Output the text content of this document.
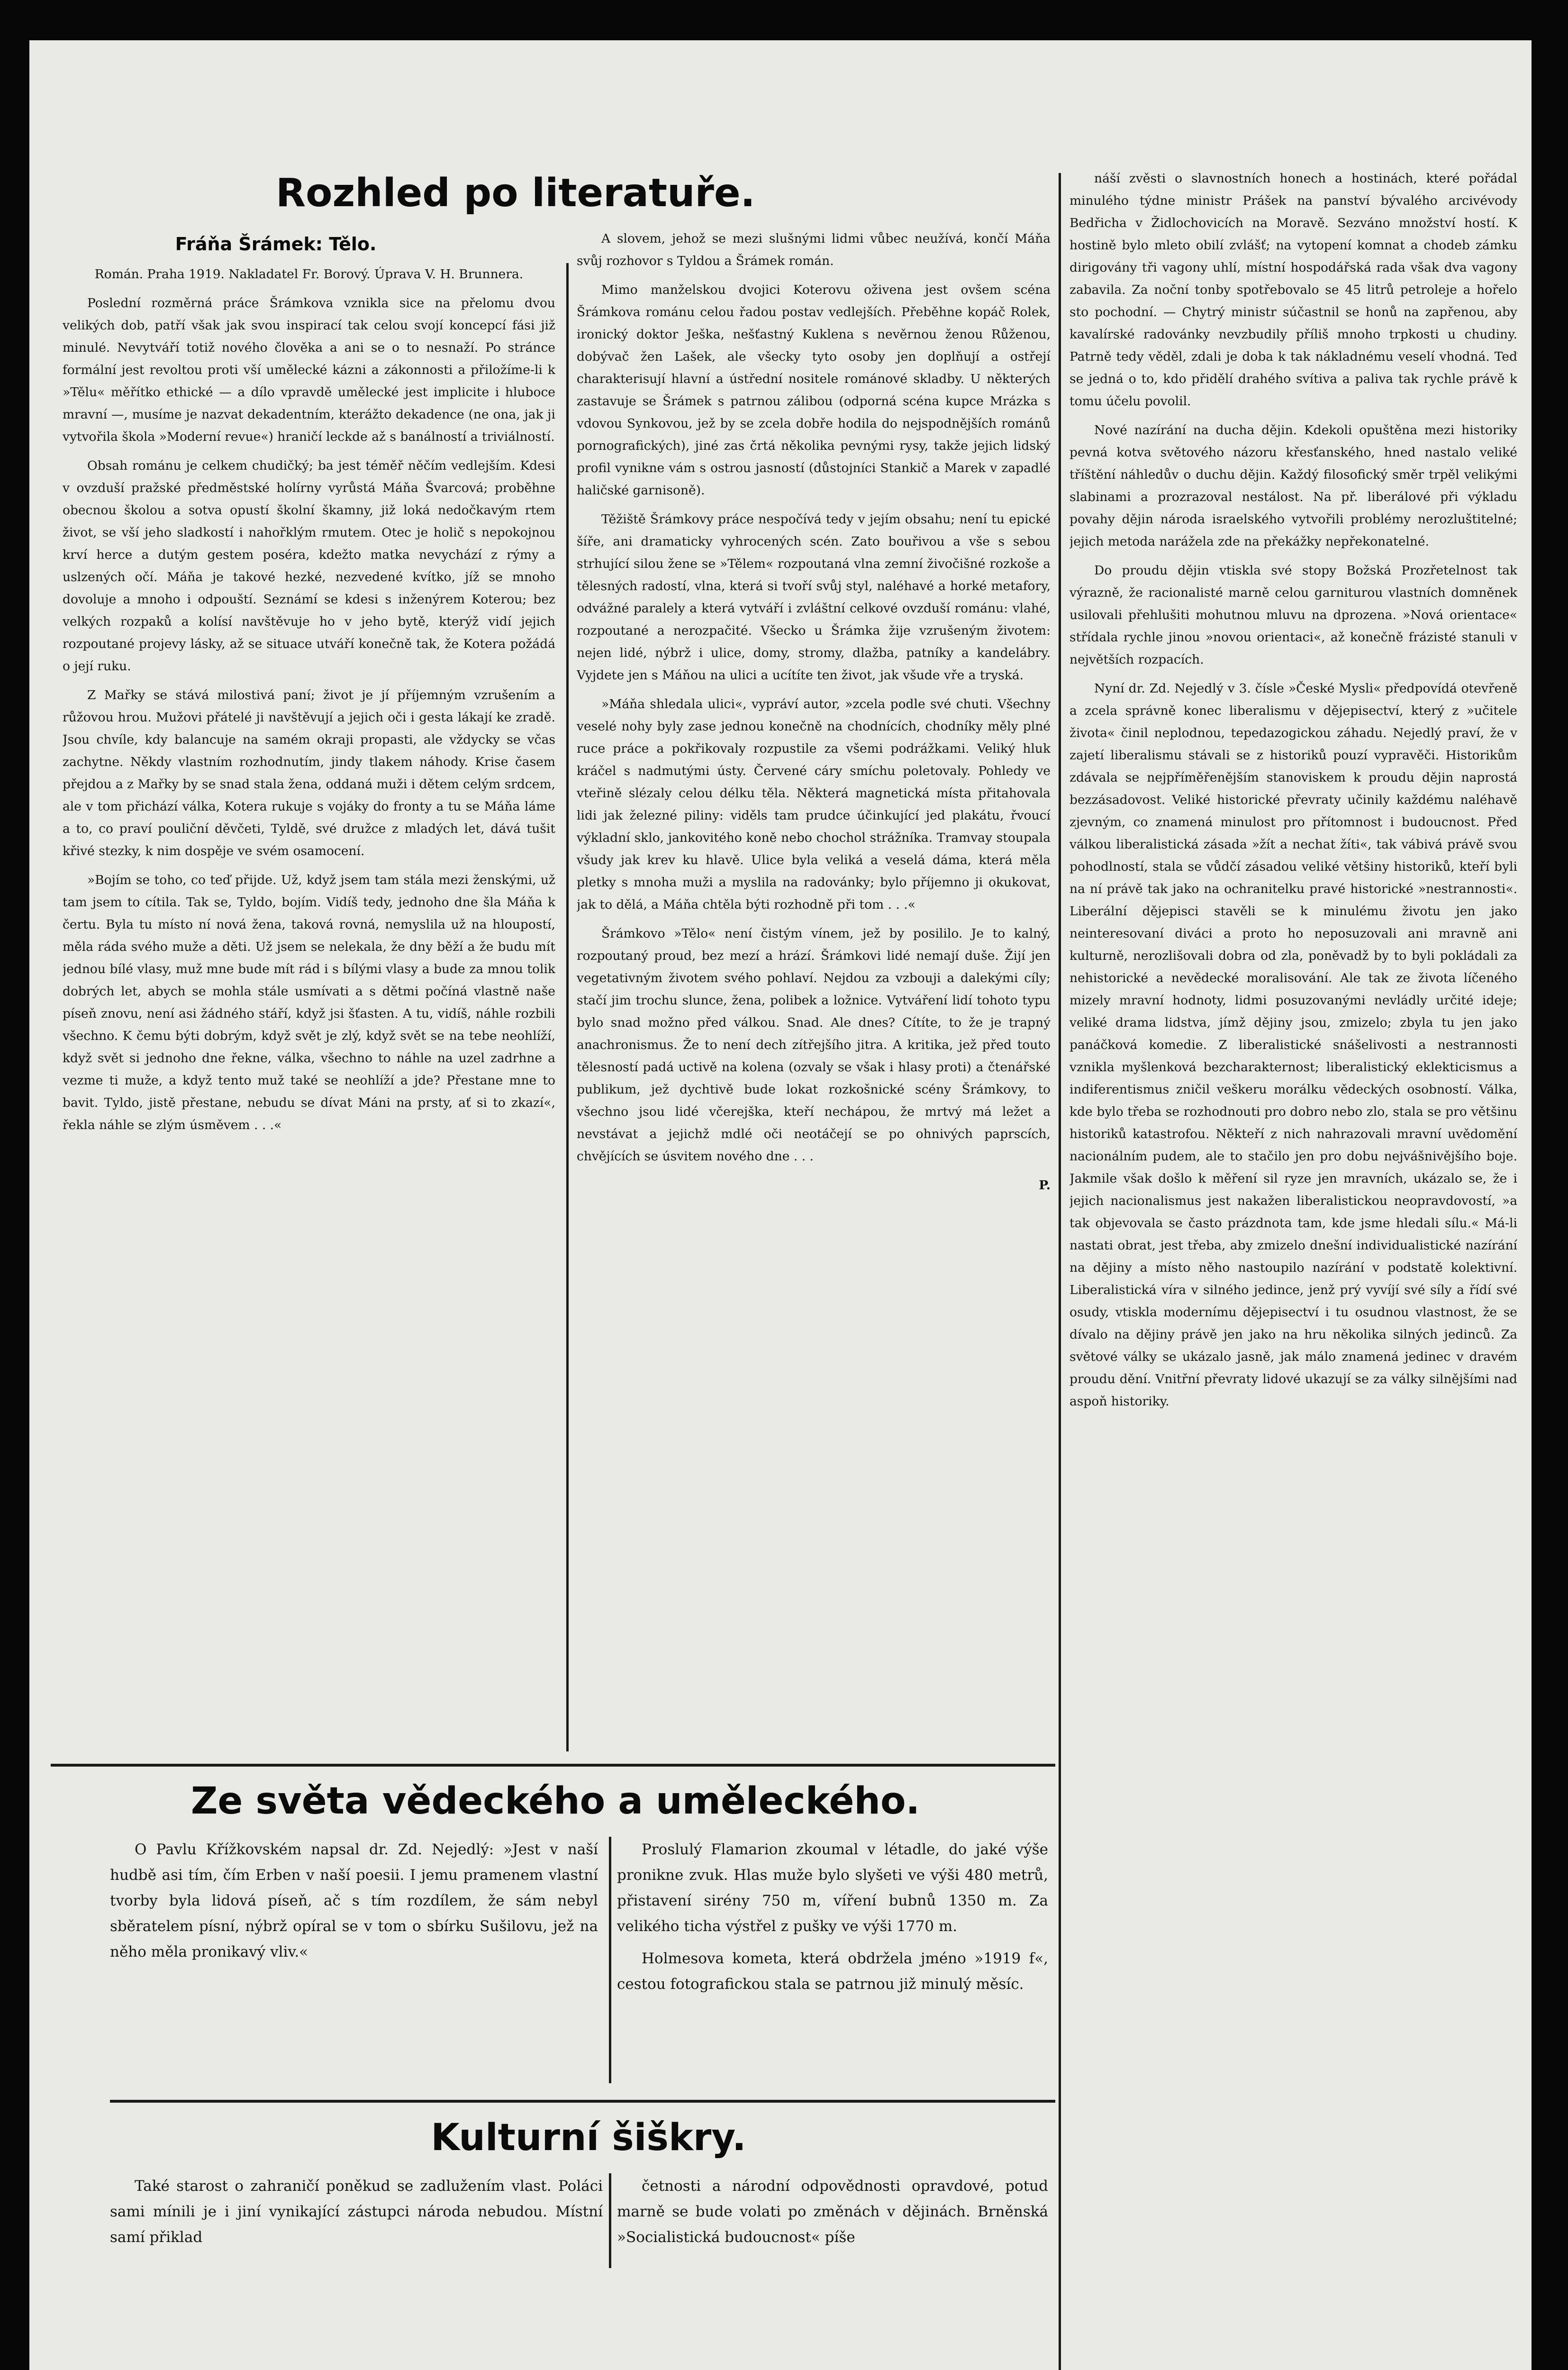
Rozhled po literatuře.
Fráňa Šrámek: Tělo.

Román. Praha 1919. Nakladatel Fr. Borový. Úprava V. H. Brunnera.

Poslední rozměrná práce Šrámkova vznikla sice na přelomu dvou velikých dob, patří však jak svou inspirací tak celou svojí koncepcí fási již minulé. Nevytváří totiž nového člověka a ani se o to nesnaží. Po stránce formální jest revoltou proti vší umělecké kázni a zákonnosti a přiložíme-li k »Tělu« měřítko ethické — a dílo vpravdě umělecké jest implicite i hluboce mravní —, musíme je nazvat dekadentním, kterážto dekadence (ne ona, jak ji vytvořila škola »Moderní revue«) hraničí leckde až s banálností a triviálností.

Obsah románu je celkem chudičký; ba jest téměř něčím vedlejším. Kdesi v ovzduší pražské předměstské holírny vyrůstá Máňa Švarcová; proběhne obecnou školou a sotva opustí školní škamny, již loká nedočkavým rtem život, se vší jeho sladkostí i nahořklým rmutem. Otec je holič s nepokojnou krví herce a dutým gestem poséra, kdežto matka nevychází z rýmy a uslzených očí. Máňa je takové hezké, nezvedené kvítko, jíž se mnoho dovoluje a mnoho i odpouští. Seznámí se kdesi s inženýrem Koterou; bez velkých rozpaků a kolísí navštěvuje ho v jeho bytě, kterýž vidí jejich rozpoutané projevy lásky, až se situace utváří konečně tak, že Kotera požádá o její ruku.

Z Mařky se stává milostivá paní; život je jí příjemným vzrušením a růžovou hrou. Mužovi přátelé ji navštěvují a jejich oči i gesta lákají ke zradě. Jsou chvíle, kdy balancuje na samém okraji propasti, ale vždycky se včas zachytne. Někdy vlastním rozhodnutím, jindy tlakem náhody. Krise časem přejdou a z Mařky by se snad stala žena, oddaná muži i dětem celým srdcem, ale v tom přichází válka, Kotera rukuje s vojáky do fronty a tu se Máňa láme a to, co praví pouliční děvčeti, Tyldě, své družce z mladých let, dává tušit křivé stezky, k nim dospěje ve svém osamocení.

»Bojím se toho, co teď přijde. Už, když jsem tam stála mezi ženskými, už tam jsem to cítila. Tak se, Tyldo, bojím. Vidíš tedy, jednoho dne šla Máňa k čertu. Byla tu místo ní nová žena, taková rovná, nemyslila už na hloupostí, měla ráda svého muže a děti. Už jsem se nelekala, že dny běží a že budu mít jednou bílé vlasy, muž mne bude mít rád i s bílými vlasy a bude za mnou tolik dobrých let, abych se mohla stále usmívati a s dětmi počíná vlastně naše píseň znovu, není asi žádného stáří, když jsi šťasten. A tu, vidíš, náhle rozbili všechno. K čemu býti dobrým, když svět je zlý, když svět se na tebe neohlíží, když svět si jednoho dne řekne, válka, všechno to náhle na uzel zadrhne a vezme ti muže, a když tento muž také se neohlíží a jde? Přestane mne to bavit. Tyldo, jistě přestane, nebudu se dívat Máni na prsty, ať si to zkazí«, řekla náhle se zlým úsměvem . . .«

A slovem, jehož se mezi slušnými lidmi vůbec neužívá, končí Máňa svůj rozhovor s Tyldou a Šrámek román.

Mimo manželskou dvojici Koterovu oživena jest ovšem scéna Šrámkova románu celou řadou postav vedlejších. Přeběhne kopáč Rolek, ironický doktor Ješka, nešťastný Kuklena s nevěrnou ženou Růženou, dobývač žen Lašek, ale všecky tyto osoby jen doplňují a ostřejí charakterisují hlavní a ústřední nositele románové skladby. U některých zastavuje se Šrámek s patrnou zálibou (odporná scéna kupce Mrázka s vdovou Synkovou, jež by se zcela dobře hodila do nejspodnějších románů pornografických), jiné zas črtá několika pevnými rysy, takže jejich lidský profil vynikne vám s ostrou jasností (důstojníci Stankič a Marek v zapadlé haličské garnisoně).

Těžiště Šrámkovy práce nespočívá tedy v jejím obsahu; není tu epické šíře, ani dramaticky vyhrocených scén. Zato bouřivou a vše s sebou strhující silou žene se »Tělem« rozpoutaná vlna zemní živočišné rozkoše a tělesných radostí, vlna, která si tvoří svůj styl, naléhavé a horké metafory, odvážné paralely a která vytváří i zvláštní celkové ovzduší románu: vlahé, rozpoutané a nerozpačité. Všecko u Šrámka žije vzrušeným životem: nejen lidé, nýbrž i ulice, domy, stromy, dlažba, patníky a kandelábry. Vyjdete jen s Máňou na ulici a ucítíte ten život, jak všude vře a tryská.

»Máňa shledala ulici«, vypráví autor, »zcela podle své chuti. Všechny veselé nohy byly zase jednou konečně na chodnících, chodníky měly plné ruce práce a pokřikovaly rozpustile za všemi podrážkami. Veliký hluk kráčel s nadmutými ústy. Červené cáry smíchu poletovaly. Pohledy ve vteřině slézaly celou délku těla. Některá magnetická místa přitahovala lidi jak železné piliny: viděls tam prudce účinkující jed plakátu, řvoucí výkladní sklo, jankovitého koně nebo chochol strážníka. Tramvay stoupala všudy jak krev ku hlavě. Ulice byla veliká a veselá dáma, která měla pletky s mnoha muži a myslila na radovánky; bylo příjemno ji okukovat, jak to dělá, a Máňa chtěla býti rozhodně při tom . . .«

Šrámkovo »Tělo« není čistým vínem, jež by posililo. Je to kalný, rozpoutaný proud, bez mezí a hrází. Šrámkovi lidé nemají duše. Žijí jen vegetativným životem svého pohlaví. Nejdou za vzbouji a dalekými cíly; stačí jim trochu slunce, žena, polibek a ložnice. Vytváření lidí tohoto typu bylo snad možno před válkou. Snad. Ale dnes? Cítíte, to že je trapný anachronismus. Že to není dech zítřejšího jitra. A kritika, jež před touto tělesností padá uctivě na kolena (ozvaly se však i hlasy proti) a čtenářské publikum, jež dychtivě bude lokat rozkošnické scény Šrámkovy, to všechno jsou lidé včerejška, kteří nechápou, že mrtvý má ležet a nevstávat a jejichž mdlé oči neotáčejí se po ohnivých paprscích, chvějících se úsvitem nového dne . . .

P.

náší zvěsti o slavnostních honech a hostinách, které pořádal minulého týdne ministr Prášek na panství bývalého arcivévody Bedřicha v Židlochovicích na Moravě. Sezváno množství hostí. K hostině bylo mleto obilí zvlášť; na vytopení komnat a chodeb zámku dirigovány tři vagony uhlí, místní hospodářská rada však dva vagony zabavila. Za noční tonby spotřebovalo se 45 litrů petroleje a hořelo sto pochodní. — Chytrý ministr súčastnil se honů na zapřenou, aby kavalírské radovánky nevzbudily příliš mnoho trpkosti u chudiny. Patrně tedy věděl, zdali je doba k tak nákladnému veselí vhodná. Teď se jedná o to, kdo přidělí drahého svítiva a paliva tak rychle právě k tomu účelu povolil.

Nové nazírání na ducha dějin. Kdekoli opuštěna mezi historiky pevná kotva světového názoru křesťanského, hned nastalo veliké tříštění náhledův o duchu dějin. Každý filosofický směr trpěl velikými slabinami a prozrazoval nestálost. Na př. liberálové při výkladu povahy dějin národa israelského vytvořili problémy nerozluštitelné; jejich metoda narážela zde na překážky nepřekonatelné.

Do proudu dějin vtiskla své stopy Božská Prozřetelnost tak výrazně, že racionalisté marně celou garniturou vlastních domněnek usilovali přehlušiti mohutnou mluvu na dprozena. »Nová orientace« střídala rychle jinou »novou orientaci«, až konečně frázisté stanuli v největších rozpacích.

Nyní dr. Zd. Nejedlý v 3. čísle »České Mysli« předpovídá otevřeně a zcela správně konec liberalismu v dějepisectví, který z »učitele života« činil neplodnou, tepedazogickou záhadu. Nejedlý praví, že v zajetí liberalismu stávali se z historiků pouzí vypravěči. Historikům zdávala se nejpříměřenějším stanoviskem k proudu dějin naprostá bezzásadovost. Veliké historické převraty učinily každému naléhavě zjevným, co znamená minulost pro přítomnost i budoucnost. Před válkou liberalistická zásada »žít a nechat žíti«, tak vábivá právě svou pohodlností, stala se vůdčí zásadou veliké většiny historiků, kteří byli na ní právě tak jako na ochranitelku pravé historické »nestrannosti«. Liberální dějepisci stavěli se k minulému životu jen jako neinteresovaní diváci a proto ho neposuzovali ani mravně ani kulturně, nerozlišovali dobra od zla, poněvadž by to byli pokládali za nehistorické a nevědecké moralisování. Ale tak ze života líčeného mizely mravní hodnoty, lidmi posuzovanými nevládly určité ideje; veliké drama lidstva, jímž dějiny jsou, zmizelo; zbyla tu jen jako panáčková komedie. Z liberalistické snášelivosti a nestrannosti vznikla myšlenková bezcharakternost; liberalistický eklekticismus a indiferentismus zničil veškeru morálku vědeckých osobností. Válka, kde bylo třeba se rozhodnouti pro dobro nebo zlo, stala se pro většinu historiků katastrofou. Někteří z nich nahrazovali mravní uvědomění nacionálním pudem, ale to stačilo jen pro dobu nejvášnivějšího boje. Jakmile však došlo k měření sil ryze jen mravních, ukázalo se, že i jejich nacionalismus jest nakažen liberalistickou neopravdovostí, »a tak objevovala se často prázdnota tam, kde jsme hledali sílu.« Má-li nastati obrat, jest třeba, aby zmizelo dnešní individualistické nazírání na dějiny a místo něho nastoupilo nazírání v podstatě kolektivní. Liberalistická víra v silného jedince, jenž prý vyvíjí své síly a řídí své osudy, vtiskla modernímu dějepisectví i tu osudnou vlastnost, že se dívalo na dějiny právě jen jako na hru několika silných jedinců. Za světové války se ukázalo jasně, jak málo znamená jedinec v dravém proudu dění. Vnitřní převraty lidové ukazují se za války silnějšími nad aspoň historiky.

Ze světa vědeckého a uměleckého.

O Pavlu Křížkovském napsal dr. Zd. Nejedlý: »Jest v naší hudbě asi tím, čím Erben v naší poesii. I jemu pramenem vlastní tvorby byla lidová píseň, ač s tím rozdílem, že sám nebyl sběratelem písní, nýbrž opíral se v tom o sbírku Sušilovu, jež na něho měla pronikavý vliv.«

Proslulý Flamarion zkoumal v létadle, do jaké výše pronikne zvuk. Hlas muže bylo slyšeti ve výši 480 metrů, přistavení sirény 750 m, víření bubnů 1350 m. Za velikého ticha výstřel z pušky ve výši 1770 m.

Holmesova kometa, která obdržela jméno »1919 f«, cestou fotografickou stala se patrnou již minulý měsíc.

Kulturní šiškry.

Také starost o zahraničí poněkud se zadlužením vlast. Poláci sami mínili je i jiní vynikající zástupci národa nebudou. Místní samí přiklad

četnosti a národní odpovědnosti opravdové, potud marně se bude volati po změnách v dějinách. Brněnská »Socialistická budoucnost« píše
